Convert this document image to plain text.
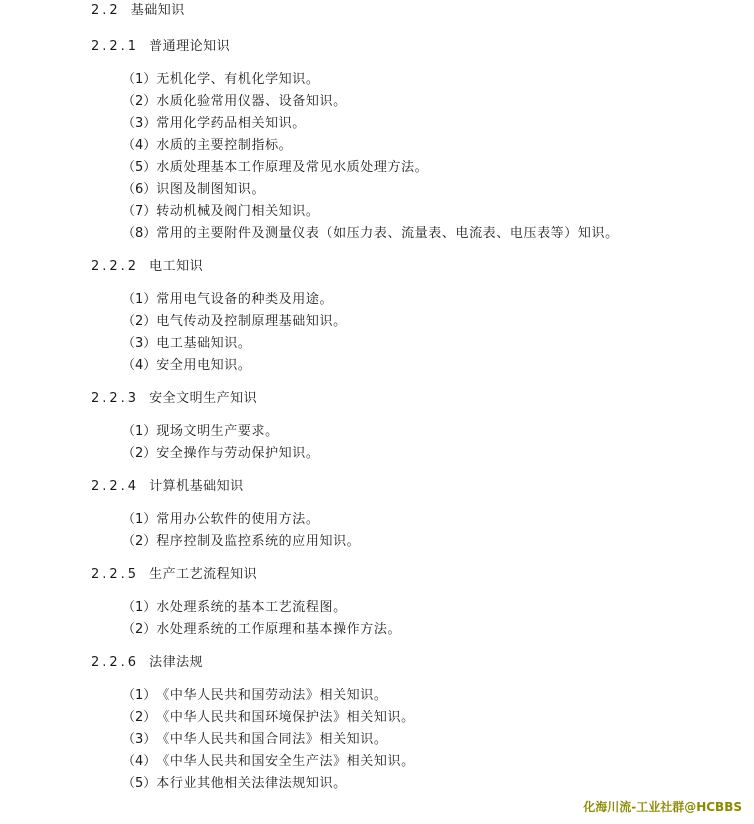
2.2 基础知识
2.2.1 普通理论知识
（1）无机化学、有机化学知识。
（2）水质化验常用仪器、设备知识。
（3）常用化学药品相关知识。
（4）水质的主要控制指标。
（5）水质处理基本工作原理及常见水质处理方法。
（6）识图及制图知识。
（7）转动机械及阀门相关知识。
（8）常用的主要附件及测量仪表（如压力表、流量表、电流表、电压表等）知识。
2.2.2 电工知识
（1）常用电气设备的种类及用途。
（2）电气传动及控制原理基础知识。
（3）电工基础知识。
（4）安全用电知识。
2.2.3 安全文明生产知识
（1）现场文明生产要求。
（2）安全操作与劳动保护知识。
2.2.4 计算机基础知识
（1）常用办公软件的使用方法。
（2）程序控制及监控系统的应用知识。
2.2.5 生产工艺流程知识
（1）水处理系统的基本工艺流程图。
（2）水处理系统的工作原理和基本操作方法。
2.2.6 法律法规
（1）《中华人民共和国劳动法》相关知识。
（2）《中华人民共和国环境保护法》相关知识。
（3）《中华人民共和国合同法》相关知识。
（4）《中华人民共和国安全生产法》相关知识。
（5）本行业其他相关法律法规知识。
化海川流-工业社群@HCBBS
